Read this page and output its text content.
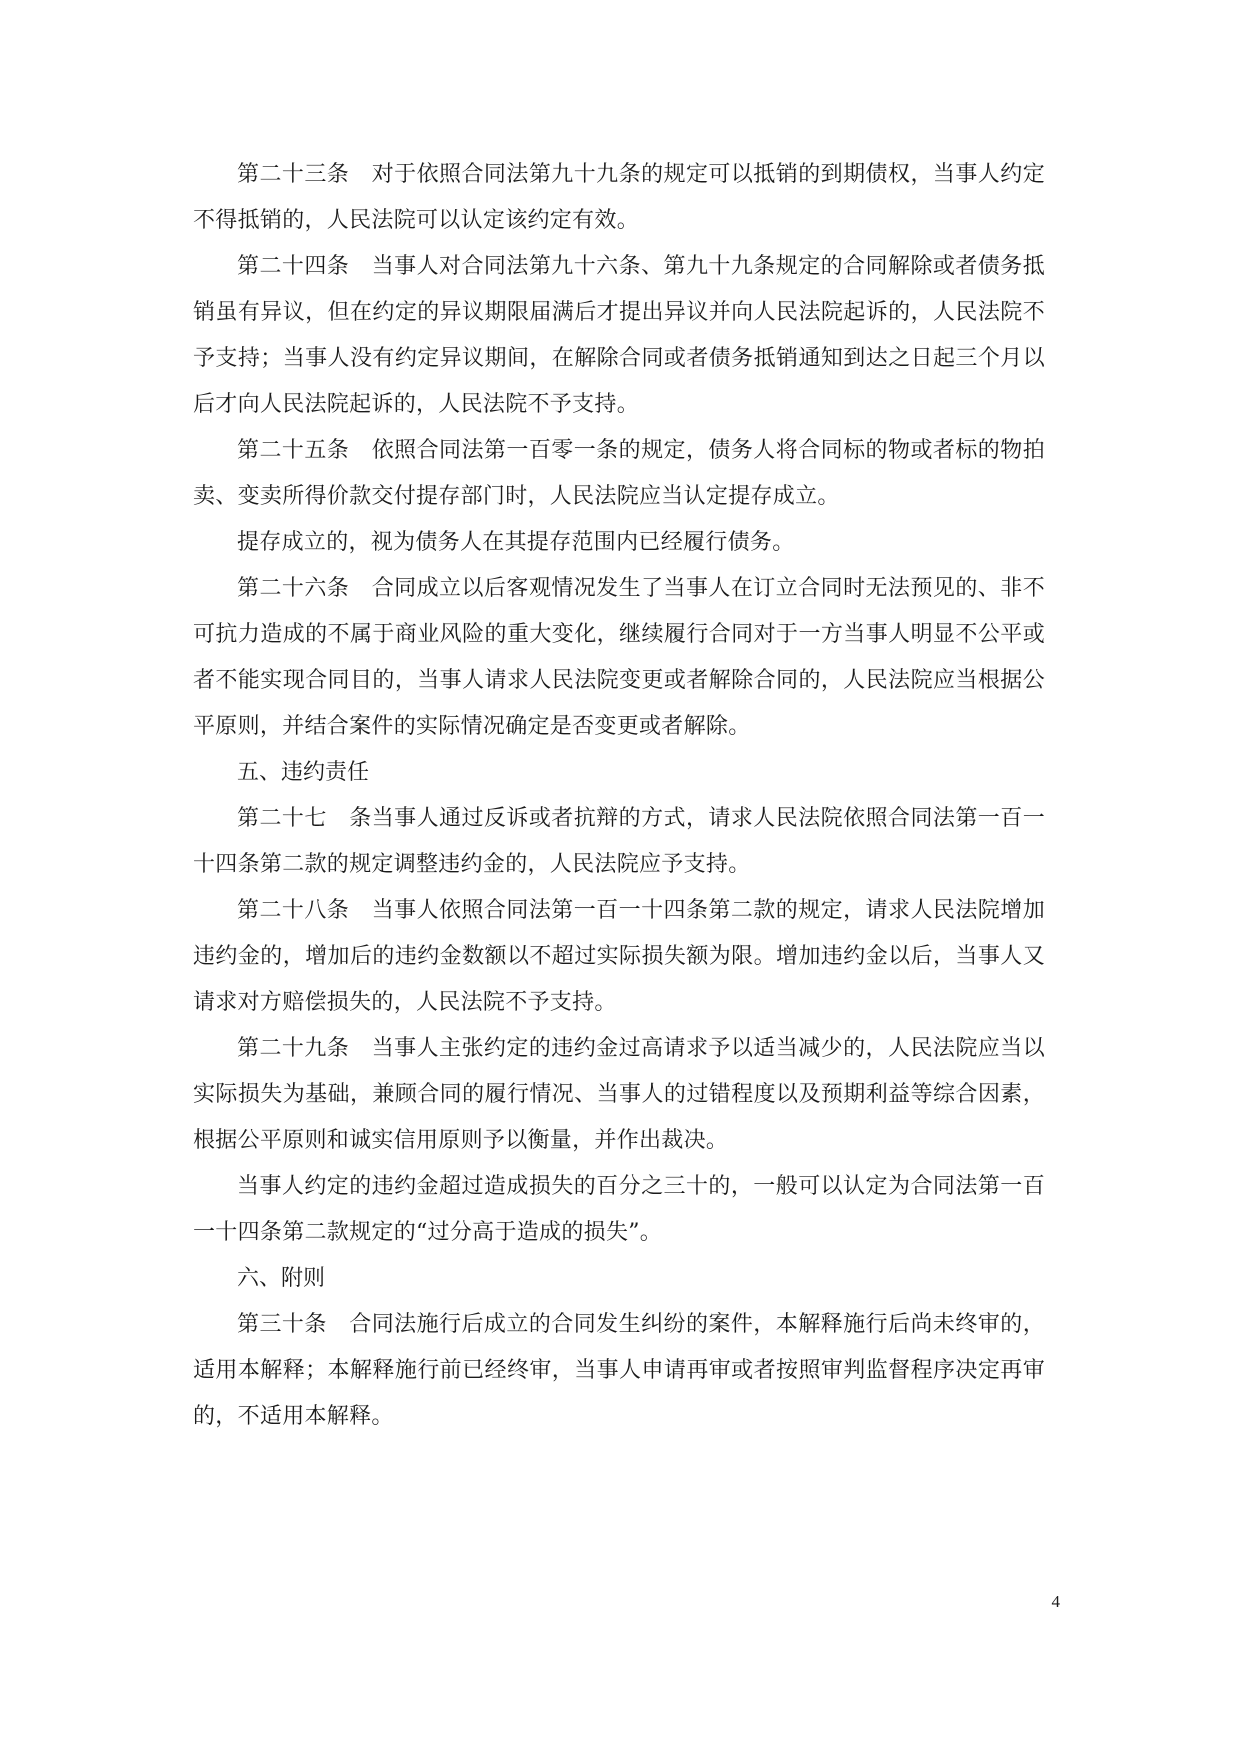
第二十三条　对于依照合同法第九十九条的规定可以抵销的到期债权，当事人约定不得抵销的，人民法院可以认定该约定有效。

第二十四条　当事人对合同法第九十六条、第九十九条规定的合同解除或者债务抵销虽有异议，但在约定的异议期限届满后才提出异议并向人民法院起诉的，人民法院不予支持；当事人没有约定异议期间，在解除合同或者债务抵销通知到达之日起三个月以后才向人民法院起诉的，人民法院不予支持。

第二十五条　依照合同法第一百零一条的规定，债务人将合同标的物或者标的物拍卖、变卖所得价款交付提存部门时，人民法院应当认定提存成立。

提存成立的，视为债务人在其提存范围内已经履行债务。

第二十六条　合同成立以后客观情况发生了当事人在订立合同时无法预见的、非不可抗力造成的不属于商业风险的重大变化，继续履行合同对于一方当事人明显不公平或者不能实现合同目的，当事人请求人民法院变更或者解除合同的，人民法院应当根据公平原则，并结合案件的实际情况确定是否变更或者解除。

五、违约责任

第二十七　条当事人通过反诉或者抗辩的方式，请求人民法院依照合同法第一百一十四条第二款的规定调整违约金的，人民法院应予支持。

第二十八条　当事人依照合同法第一百一十四条第二款的规定，请求人民法院增加违约金的，增加后的违约金数额以不超过实际损失额为限。增加违约金以后，当事人又请求对方赔偿损失的，人民法院不予支持。

第二十九条　当事人主张约定的违约金过高请求予以适当减少的，人民法院应当以实际损失为基础，兼顾合同的履行情况、当事人的过错程度以及预期利益等综合因素，根据公平原则和诚实信用原则予以衡量，并作出裁决。

当事人约定的违约金超过造成损失的百分之三十的，一般可以认定为合同法第一百一十四条第二款规定的“过分高于造成的损失”。

六、附则

第三十条　合同法施行后成立的合同发生纠纷的案件，本解释施行后尚未终审的，适用本解释；本解释施行前已经终审，当事人申请再审或者按照审判监督程序决定再审的，不适用本解释。

4
